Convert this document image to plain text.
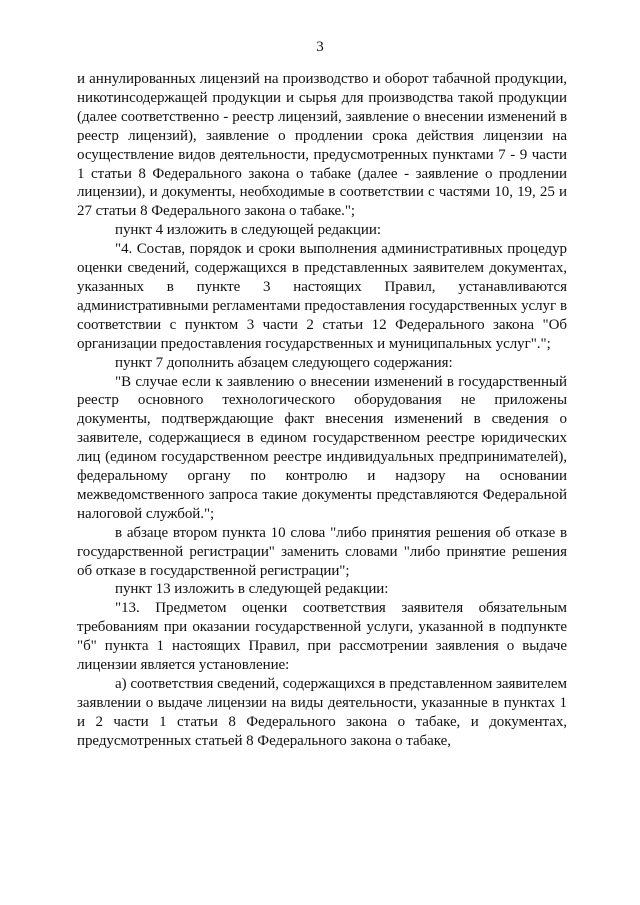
3

и аннулированных лицензий на производство и оборот табачной продукции, никотинсодержащей продукции и сырья для производства такой продукции (далее соответственно - реестр лицензий, заявление о внесении изменений в реестр лицензий), заявление о продлении срока действия лицензии на осуществление видов деятельности, предусмотренных пунктами 7 - 9 части 1 статьи 8 Федерального закона о табаке (далее - заявление о продлении лицензии), и документы, необходимые в соответствии с частями 10, 19, 25 и 27 статьи 8 Федерального закона о табаке.";

пункт 4 изложить в следующей редакции:

"4. Состав, порядок и сроки выполнения административных процедур оценки сведений, содержащихся в представленных заявителем документах, указанных в пункте 3 настоящих Правил, устанавливаются административными регламентами предоставления государственных услуг в соответствии с пунктом 3 части 2 статьи 12 Федерального закона "Об организации предоставления государственных и муниципальных услуг".";

пункт 7 дополнить абзацем следующего содержания:

"В случае если к заявлению о внесении изменений в государственный реестр основного технологического оборудования не приложены документы, подтверждающие факт внесения изменений в сведения о заявителе, содержащиеся в едином государственном реестре юридических лиц (едином государственном реестре индивидуальных предпринимателей), федеральному органу по контролю и надзору на основании межведомственного запроса такие документы представляются Федеральной налоговой службой.";

в абзаце втором пункта 10 слова "либо принятия решения об отказе в государственной регистрации" заменить словами "либо принятие решения об отказе в государственной регистрации";

пункт 13 изложить в следующей редакции:

"13. Предметом оценки соответствия заявителя обязательным требованиям при оказании государственной услуги, указанной в подпункте "б" пункта 1 настоящих Правил, при рассмотрении заявления о выдаче лицензии является установление:

а) соответствия сведений, содержащихся в представленном заявителем заявлении о выдаче лицензии на виды деятельности, указанные в пунктах 1 и 2 части 1 статьи 8 Федерального закона о табаке, и документах, предусмотренных статьей 8 Федерального закона о табаке,
